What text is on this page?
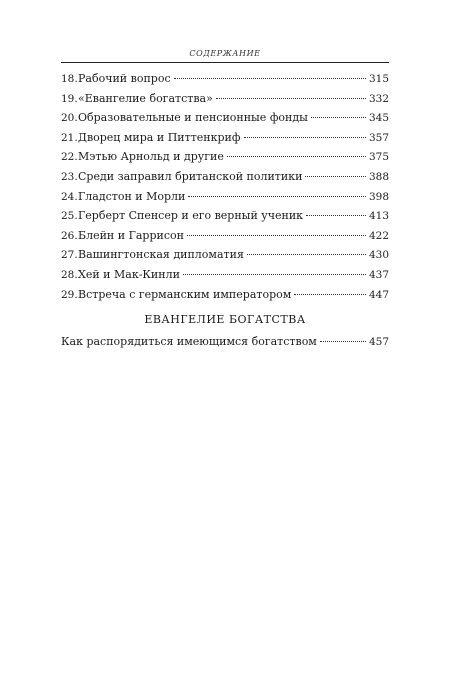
СОДЕРЖАНИЕ
18. Рабочий вопрос	315
19. «Евангелие богатства»	332
20. Образовательные и пенсионные фонды	345
21. Дворец мира и Питтенкриф	357
22. Мэтью Арнольд и другие	375
23. Среди заправил британской политики	388
24. Гладстон и Морли	398
25. Герберт Спенсер и его верный ученик	413
26. Блейн и Гаррисон	422
27. Вашингтонская дипломатия	430
28. Хей и Мак-Кинли	437
29. Встреча с германским императором	447
ЕВАНГЕЛИЕ БОГАТСТВА
Как распорядиться имеющимся богатством	457
